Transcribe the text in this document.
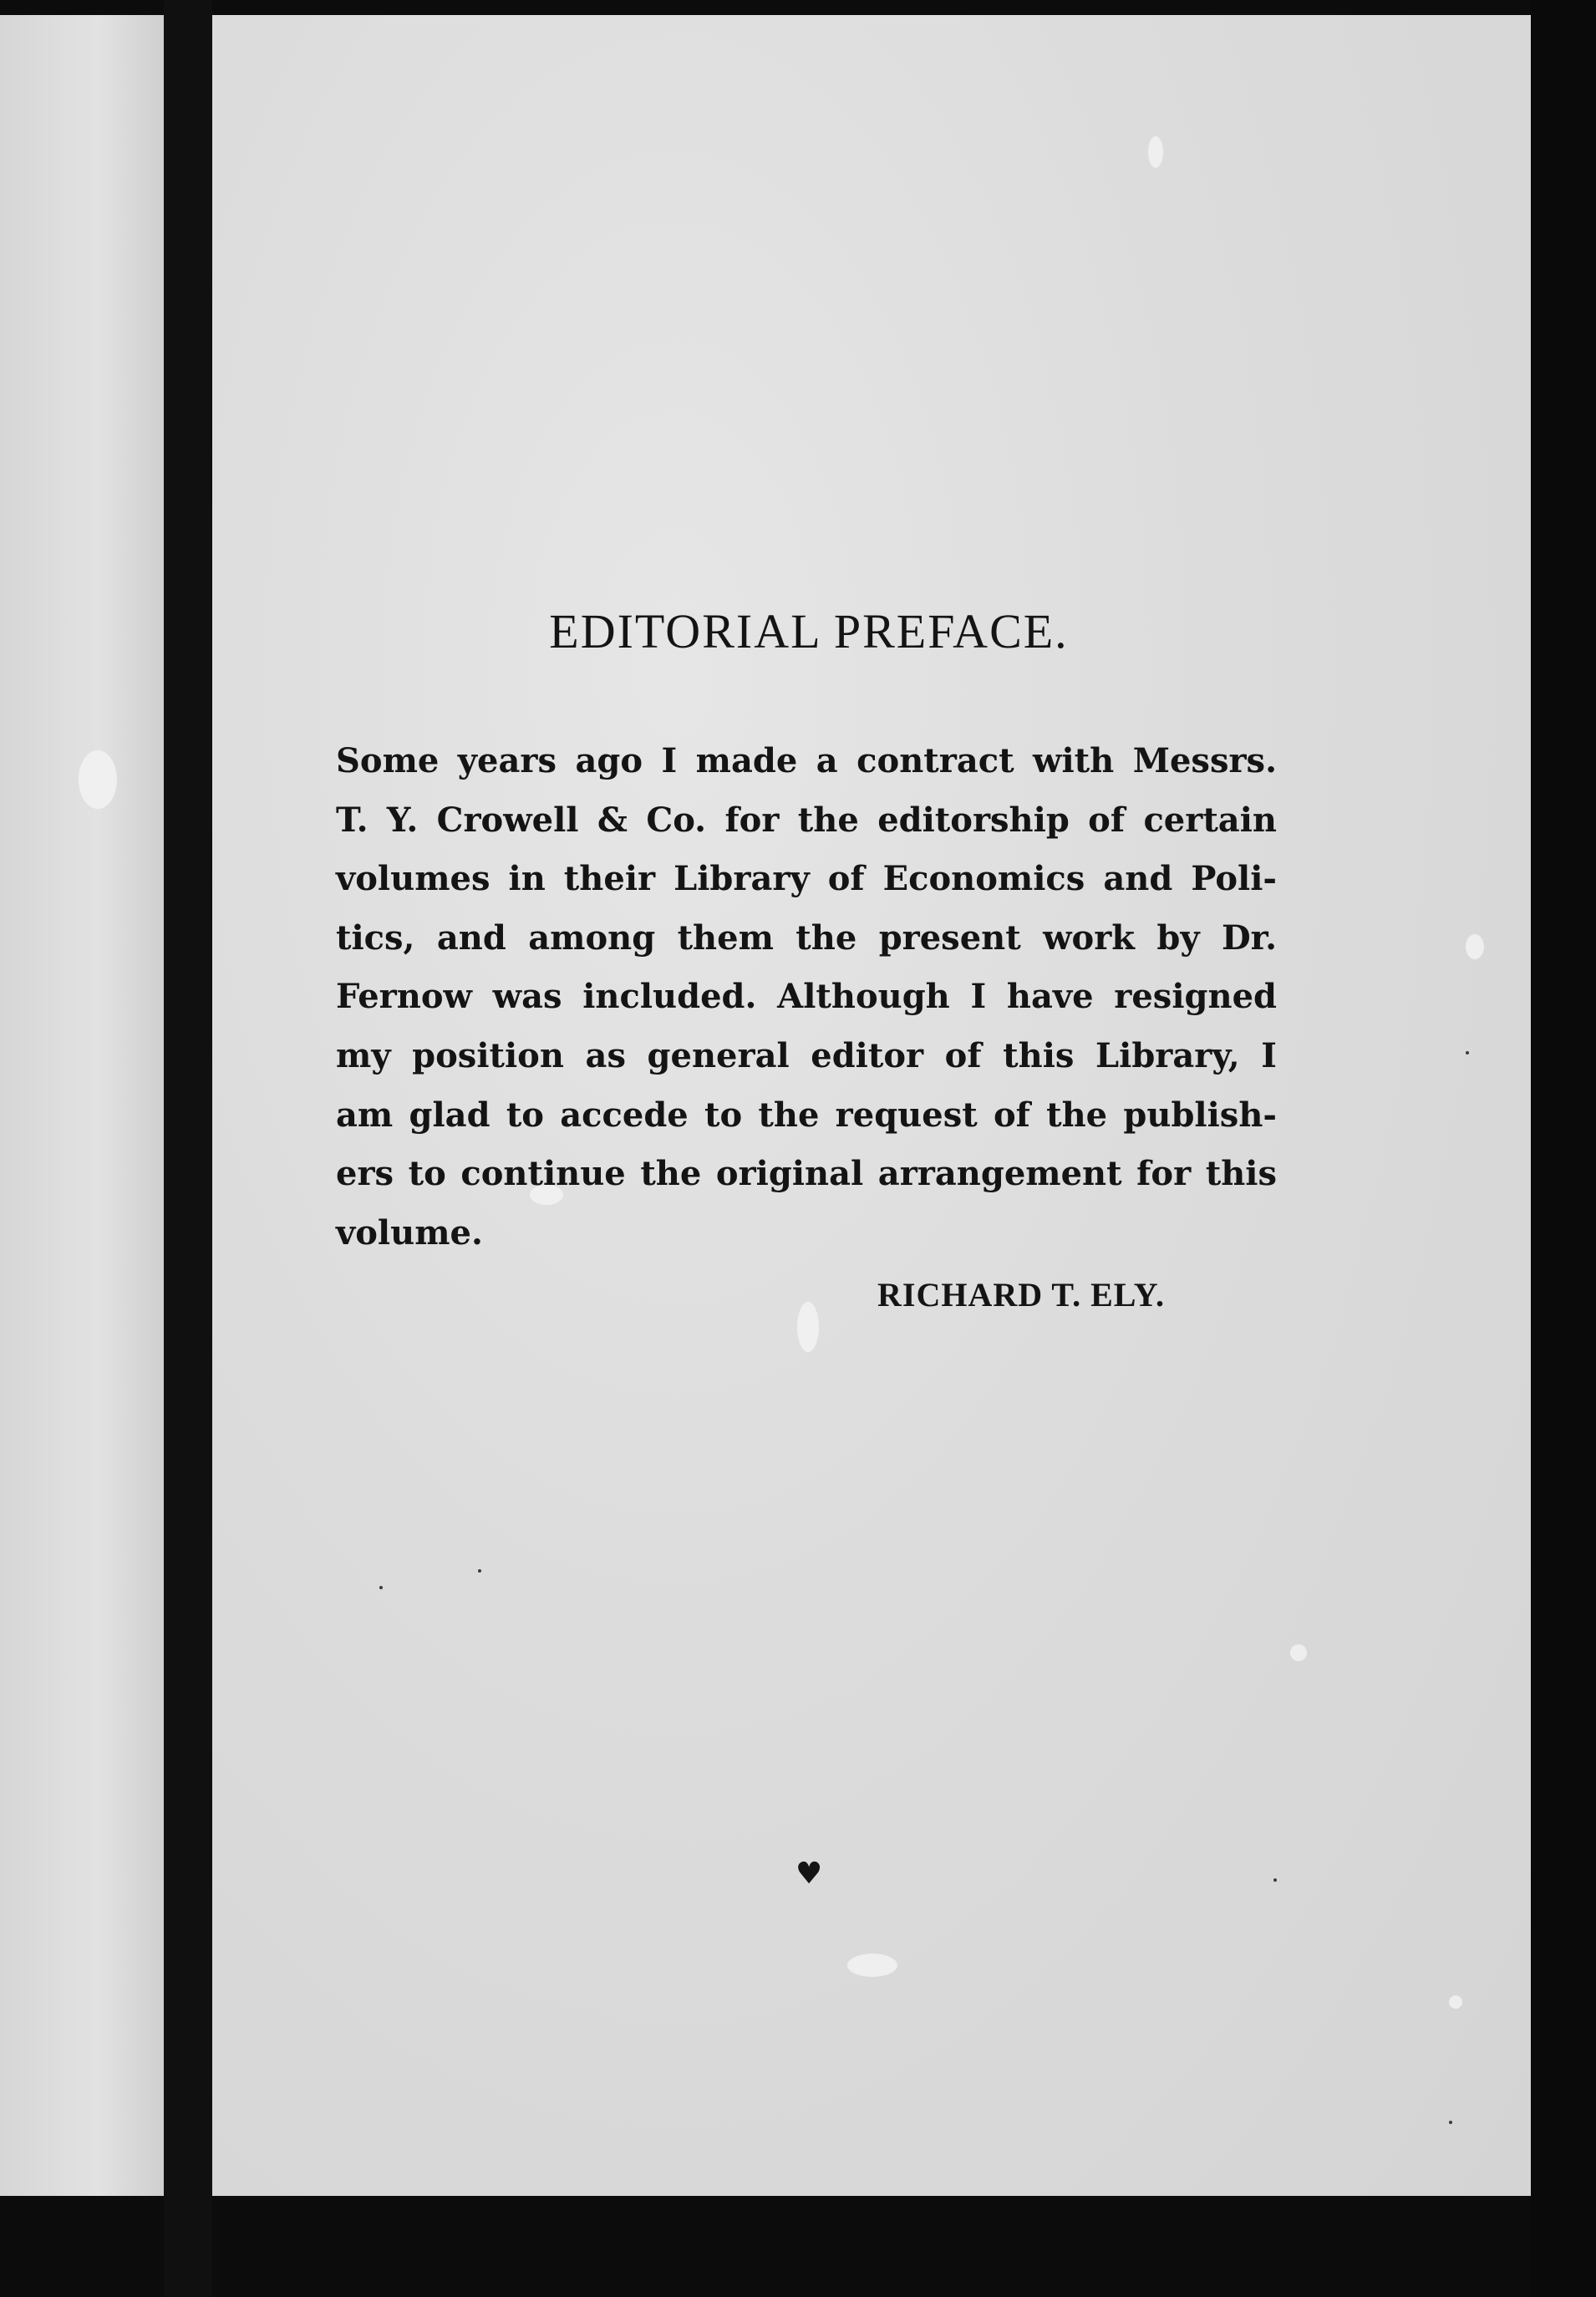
EDITORIAL PREFACE.
Some years ago I made a contract with Messrs.
T. Y. Crowell & Co. for the editorship of certain
volumes in their Library of Economics and Poli-
tics, and among them the present work by Dr.
Fernow was included. Although I have resigned
my position as general editor of this Library, I
am glad to accede to the request of the publish-
ers to continue the original arrangement for this
volume.

RICHARD T. ELY.

♥
